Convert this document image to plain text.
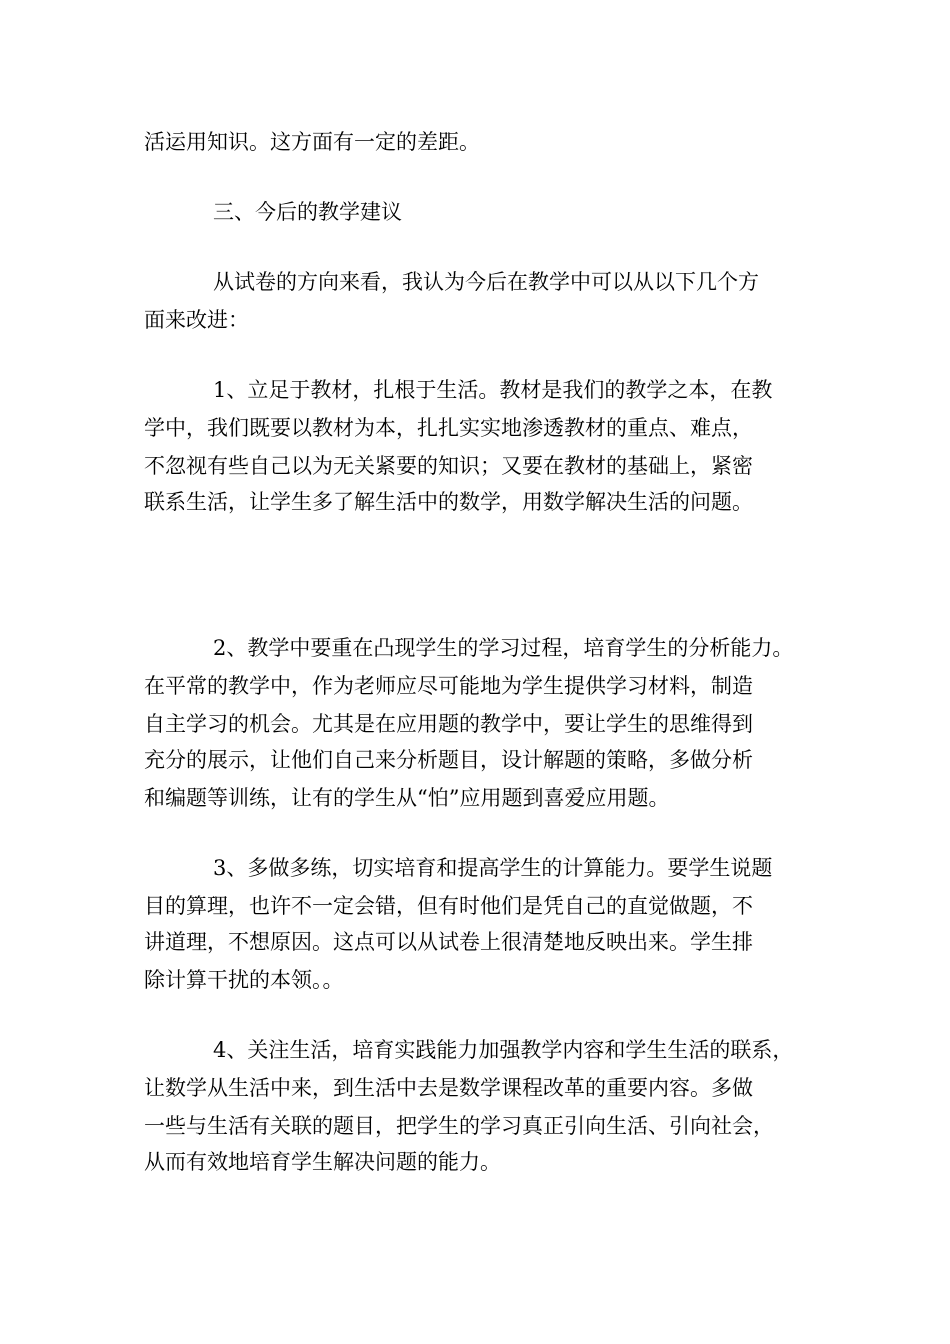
活运用知识。这方面有一定的差距。
三、今后的教学建议
从试卷的方向来看，我认为今后在教学中可以从以下几个方
面来改进：
1、立足于教材，扎根于生活。教材是我们的教学之本，在教
学中，我们既要以教材为本，扎扎实实地渗透教材的重点、难点，
不忽视有些自己以为无关紧要的知识；又要在教材的基础上，紧密
联系生活，让学生多了解生活中的数学，用数学解决生活的问题。
2、教学中要重在凸现学生的学习过程，培育学生的分析能力。
在平常的教学中，作为老师应尽可能地为学生提供学习材料，制造
自主学习的机会。尤其是在应用题的教学中，要让学生的思维得到
充分的展示，让他们自己来分析题目，设计解题的策略，多做分析
和编题等训练，让有的学生从“怕”应用题到喜爱应用题。
3、多做多练，切实培育和提高学生的计算能力。要学生说题
目的算理，也许不一定会错，但有时他们是凭自己的直觉做题，不
讲道理，不想原因。这点可以从试卷上很清楚地反映出来。学生排
除计算干扰的本领。。
4、关注生活，培育实践能力加强教学内容和学生生活的联系，
让数学从生活中来，到生活中去是数学课程改革的重要内容。多做
一些与生活有关联的题目，把学生的学习真正引向生活、引向社会，
从而有效地培育学生解决问题的能力。
